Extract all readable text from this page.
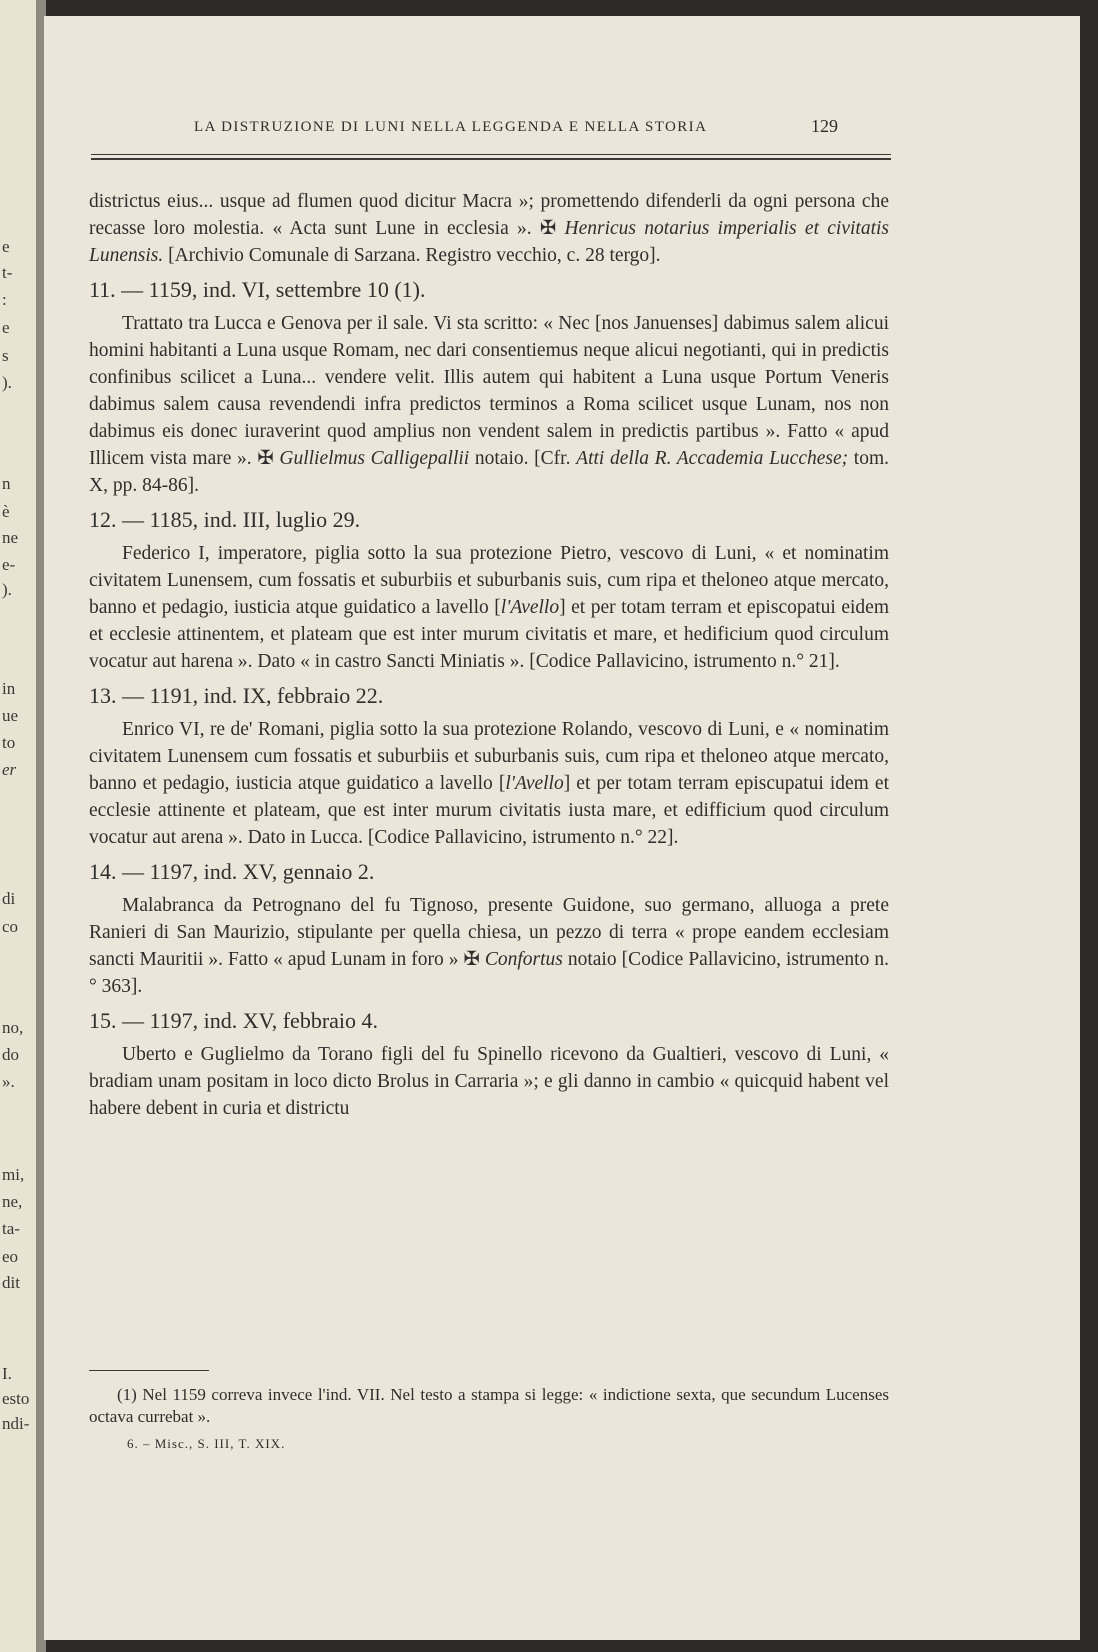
e
t-
:
e
s
).
n
è
ne
e-
).
in
ue
to
er
di
co
no,
do
».
mi,
ne,
ta-
eo
dit
I.
esto
ndi-
LA DISTRUZIONE DI LUNI NELLA LEGGENDA E NELLA STORIA	129

districtus eius... usque ad flumen quod dicitur Macra »; promettendo difenderli da ogni persona che recasse loro molestia. « Acta sunt Lune in ecclesia ». ✠ Henricus notarius imperialis et civitatis Lunensis. [Archivio Comunale di Sarzana. Registro vecchio, c. 28 tergo].

11. — 1159, ind. VI, settembre 10 (1).

Trattato tra Lucca e Genova per il sale. Vi sta scritto: « Nec [nos Januenses] dabimus salem alicui homini habitanti a Luna usque Romam, nec dari consentiemus neque alicui negotianti, qui in predictis confinibus scilicet a Luna... vendere velit. Illis autem qui habitent a Luna usque Portum Veneris dabimus salem causa revendendi infra predictos terminos a Roma scilicet usque Lunam, nos non dabimus eis donec iuraverint quod amplius non vendent salem in predictis partibus ». Fatto « apud Illicem vista mare ». ✠ Gullielmus Calligepallii notaio. [Cfr. Atti della R. Accademia Lucchese; tom. X, pp. 84-86].

12. — 1185, ind. III, luglio 29.

Federico I, imperatore, piglia sotto la sua protezione Pietro, vescovo di Luni, « et nominatim civitatem Lunensem, cum fossatis et suburbiis et suburbanis suis, cum ripa et theloneo atque mercato, banno et pedagio, iusticia atque guidatico a lavello [l'Avello] et per totam terram et episcopatui eidem et ecclesie attinentem, et plateam que est inter murum civitatis et mare, et hedificium quod circulum vocatur aut harena ». Dato « in castro Sancti Miniatis ». [Codice Pallavicino, istrumento n.° 21].

13. — 1191, ind. IX, febbraio 22.

Enrico VI, re de' Romani, piglia sotto la sua protezione Rolando, vescovo di Luni, e « nominatim civitatem Lunensem cum fossatis et suburbiis et suburbanis suis, cum ripa et theloneo atque mercato, banno et pedagio, iusticia atque guidatico a lavello [l'Avello] et per totam terram episcupatui idem et ecclesie attinente et plateam, que est inter murum civitatis iusta mare, et edifficium quod circulum vocatur aut arena ». Dato in Lucca. [Codice Pallavicino, istrumento n.° 22].

14. — 1197, ind. XV, gennaio 2.

Malabranca da Petrognano del fu Tignoso, presente Guidone, suo germano, alluoga a prete Ranieri di San Maurizio, stipulante per quella chiesa, un pezzo di terra « prope eandem ecclesiam sancti Mauritii ». Fatto « apud Lunam in foro » ✠ Confortus notaio [Codice Pallavicino, istrumento n.° 363].

15. — 1197, ind. XV, febbraio 4.

Uberto e Guglielmo da Torano figli del fu Spinello ricevono da Gualtieri, vescovo di Luni, « bradiam unam positam in loco dicto Brolus in Carraria »; e gli danno in cambio « quicquid habent vel habere debent in curia et districtu

(1) Nel 1159 correva invece l'ind. VII. Nel testo a stampa si legge: « indictione sexta, que secundum Lucenses octava currebat ».

6. – Misc., S. III, T. XIX.
